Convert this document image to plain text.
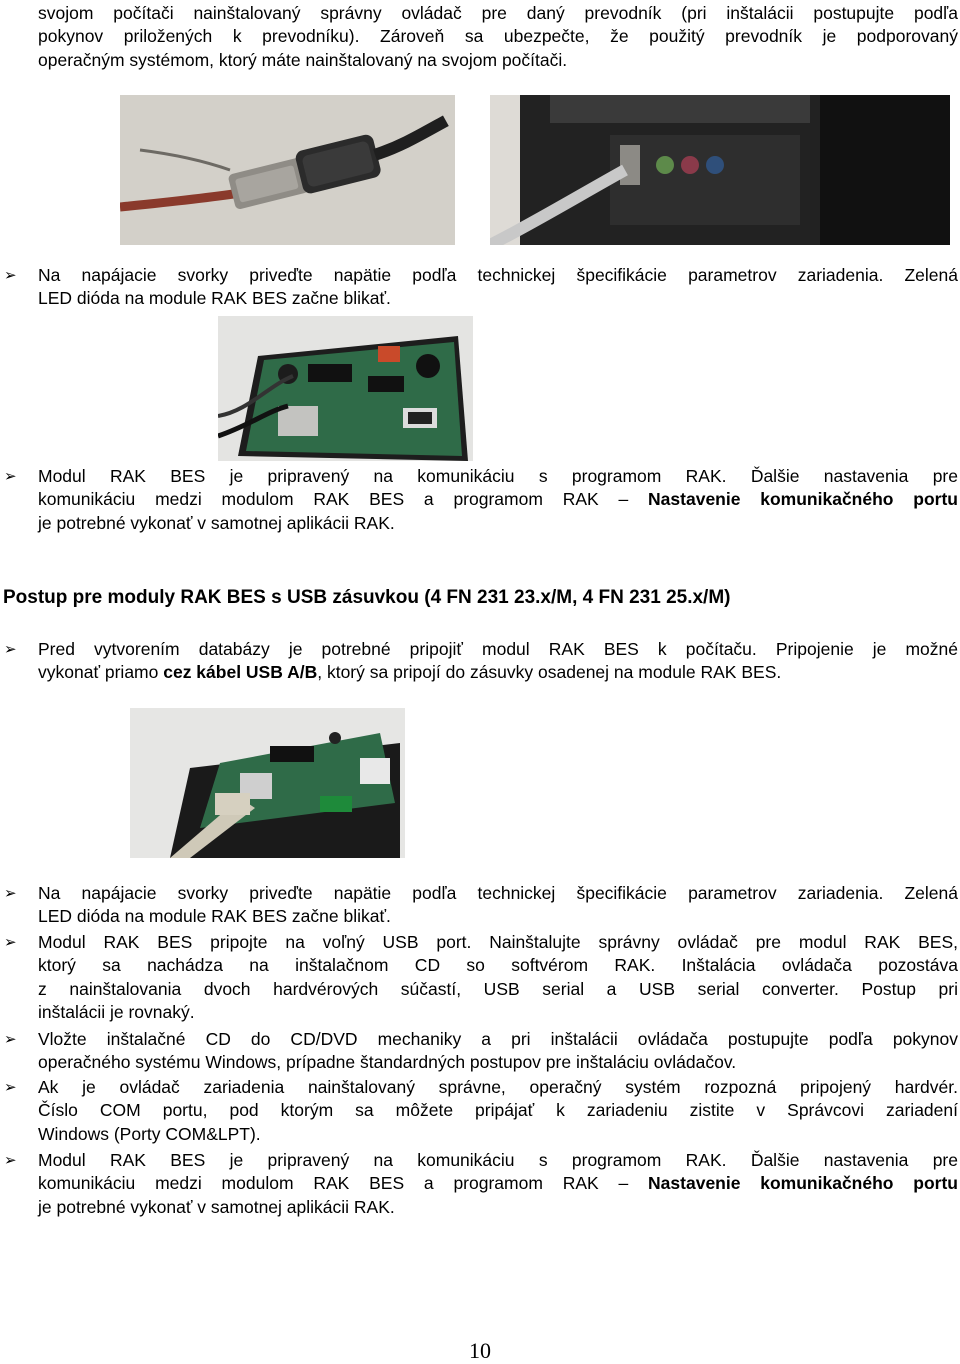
svojom počítači nainštalovaný správny ovládač pre daný prevodník (pri inštalácii postupujte podľa
pokynov priložených k prevodníku). Zároveň sa ubezpečte, že použitý prevodník je podporovaný
operačným systémom, ktorý máte nainštalovaný na svojom počítači.
➢ Na napájacie svorky priveďte napätie podľa technickej špecifikácie parametrov zariadenia. Zelená
LED dióda na module RAK BES začne blikať.
➢ Modul RAK BES je pripravený na komunikáciu s programom RAK. Ďalšie nastavenia pre
komunikáciu medzi modulom RAK BES a programom RAK – Nastavenie komunikačného portu
je potrebné vykonať v samotnej aplikácii RAK.
Postup pre moduly RAK BES s USB zásuvkou (4 FN 231 23.x/M, 4 FN 231 25.x/M)
➢ Pred vytvorením databázy je potrebné pripojiť modul RAK BES k počítaču. Pripojenie je možné
vykonať priamo cez kábel USB A/B, ktorý sa pripojí do zásuvky osadenej na module RAK BES.
➢ Na napájacie svorky priveďte napätie podľa technickej špecifikácie parametrov zariadenia. Zelená
LED dióda na module RAK BES začne blikať.
➢ Modul RAK BES pripojte na voľný USB port. Nainštalujte správny ovládač pre modul RAK BES,
ktorý sa nachádza na inštalačnom CD so softvérom RAK. Inštalácia ovládača pozostáva
z nainštalovania dvoch hardvérových súčastí, USB serial a USB serial converter. Postup pri
inštalácii je rovnaký.
➢ Vložte inštalačné CD do CD/DVD mechaniky a pri inštalácii ovládača postupujte podľa pokynov
operačného systému Windows, prípadne štandardných postupov pre inštaláciu ovládačov.
➢ Ak je ovládač zariadenia nainštalovaný správne, operačný systém rozpozná pripojený hardvér.
Číslo COM portu, pod ktorým sa môžete pripájať k zariadeniu zistite v Správcovi zariadení
Windows (Porty COM&LPT).
➢ Modul RAK BES je pripravený na komunikáciu s programom RAK. Ďalšie nastavenia pre
komunikáciu medzi modulom RAK BES a programom RAK – Nastavenie komunikačného portu
je potrebné vykonať v samotnej aplikácii RAK.
10
